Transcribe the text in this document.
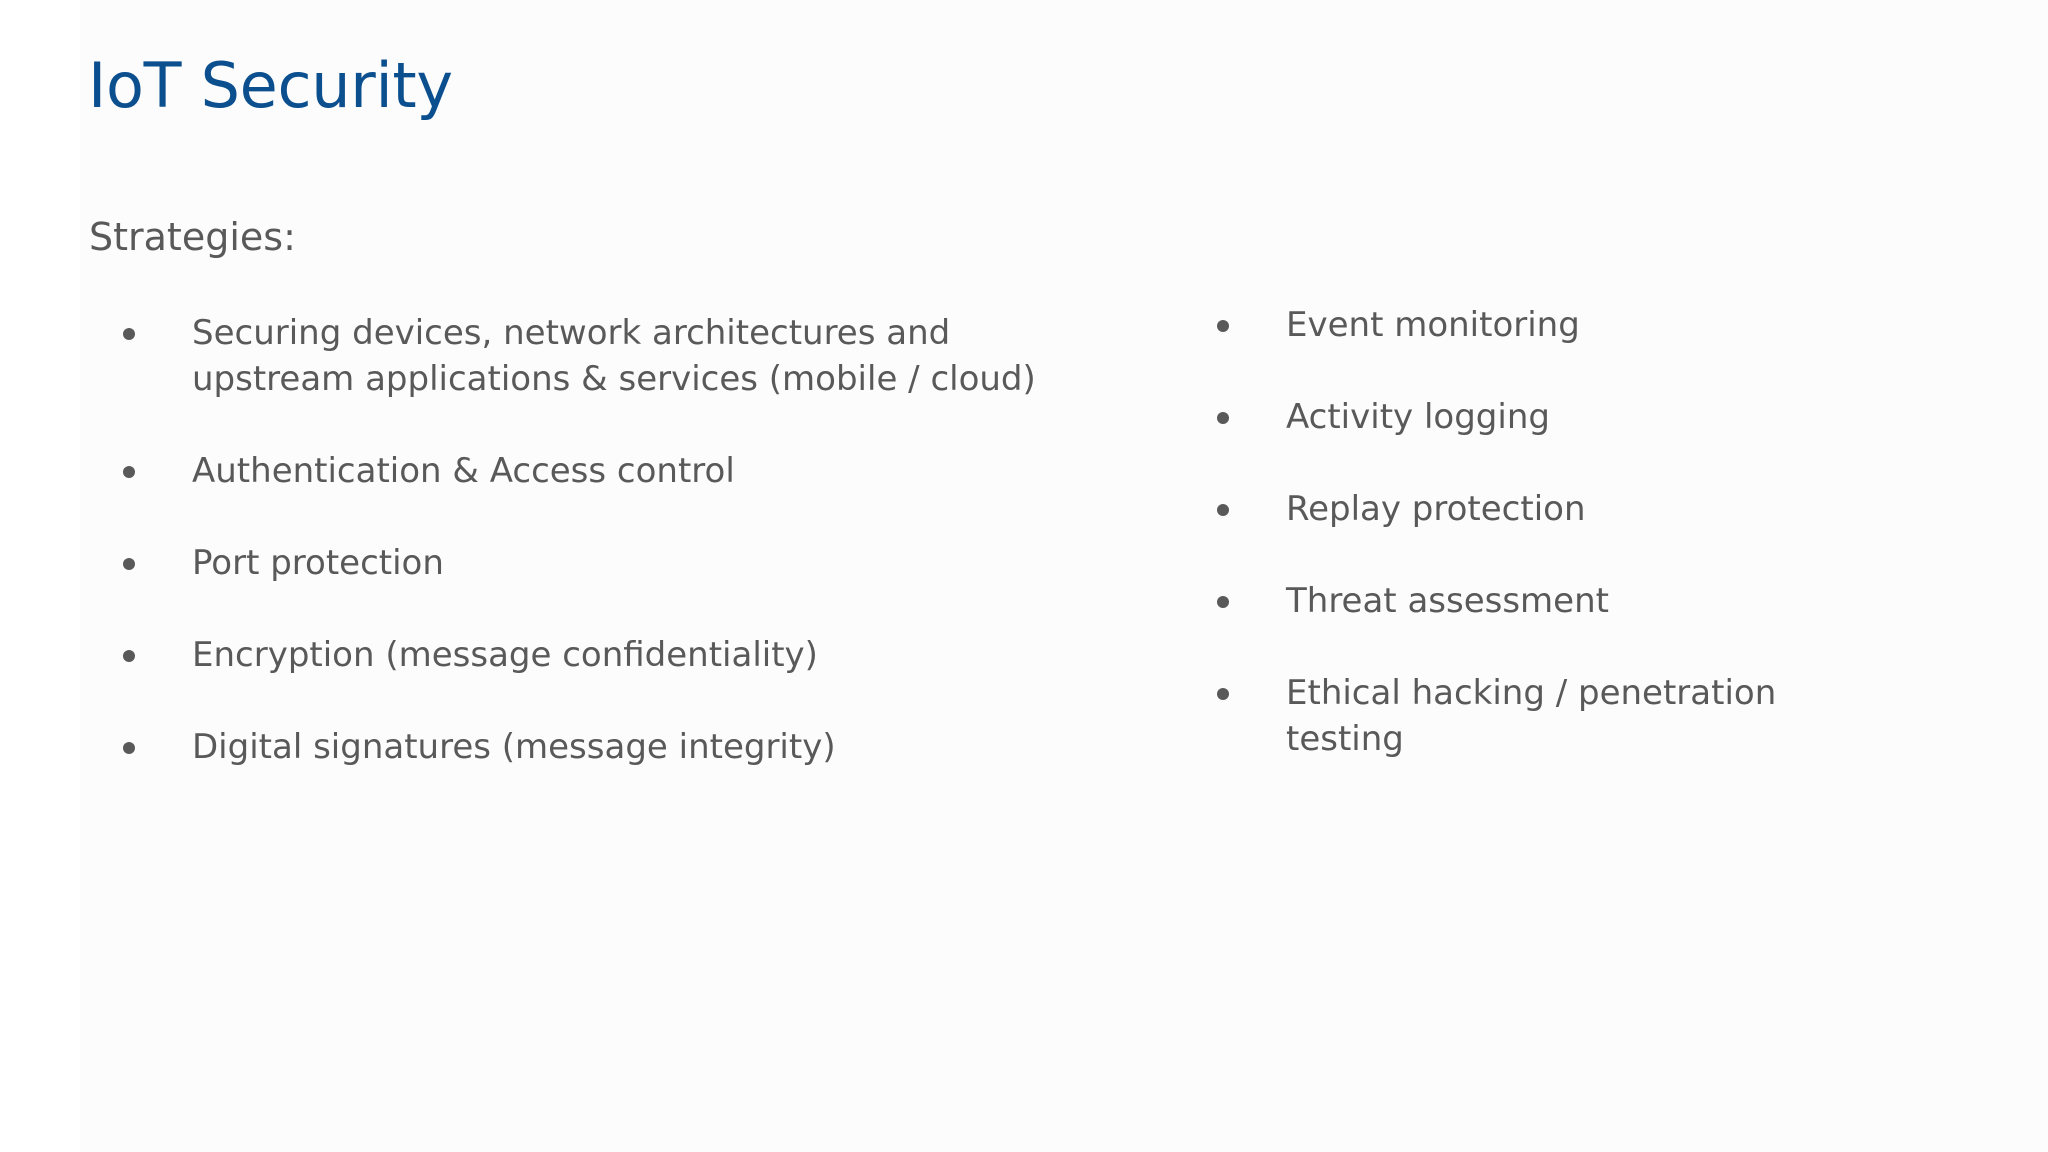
IoT Security

Strategies:

Securing devices, network architectures and upstream applications & services (mobile / cloud)
Authentication & Access control
Port protection
Encryption (message confidentiality)
Digital signatures (message integrity)
Event monitoring
Activity logging
Replay protection
Threat assessment
Ethical hacking / penetration testing
